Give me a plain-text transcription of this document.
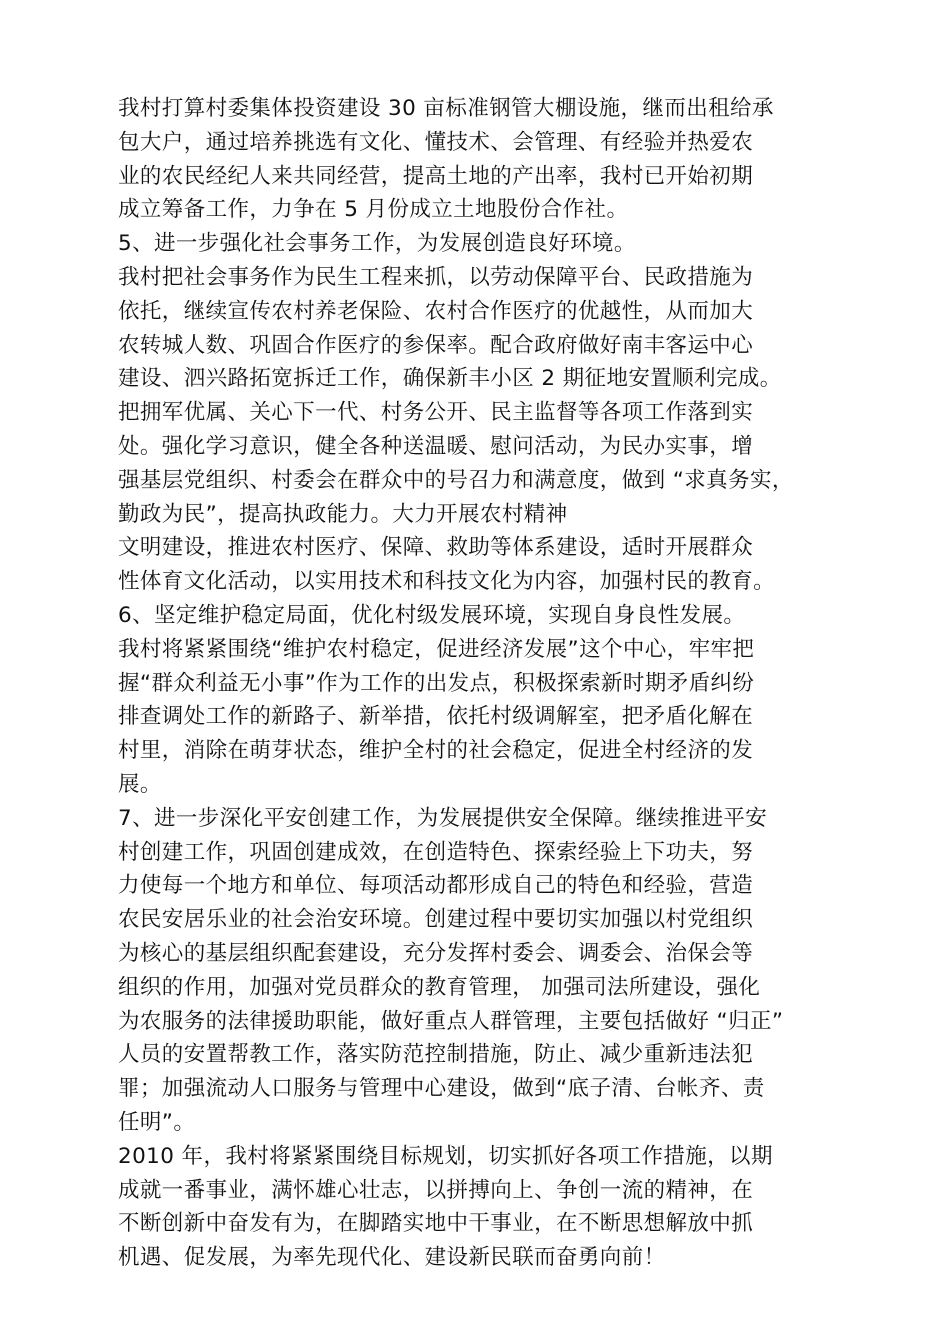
我村打算村委集体投资建设 30 亩标准钢管大棚设施，继而出租给承
包大户，通过培养挑选有文化、懂技术、会管理、有经验并热爱农
业的农民经纪人来共同经营，提高土地的产出率，我村已开始初期
成立筹备工作，力争在 5 月份成立土地股份合作社。
5、进一步强化社会事务工作，为发展创造良好环境。
我村把社会事务作为民生工程来抓，以劳动保障平台、民政措施为
依托，继续宣传农村养老保险、农村合作医疗的优越性，从而加大
农转城人数、巩固合作医疗的参保率。配合政府做好南丰客运中心
建设、泗兴路拓宽拆迁工作，确保新丰小区 2 期征地安置顺利完成。
把拥军优属、关心下一代、村务公开、民主监督等各项工作落到实
处。强化学习意识，健全各种送温暖、慰问活动，为民办实事，增
强基层党组织、村委会在群众中的号召力和满意度，做到 “求真务实，
勤政为民”，提高执政能力。大力开展农村精神
文明建设，推进农村医疗、保障、救助等体系建设，适时开展群众
性体育文化活动，以实用技术和科技文化为内容，加强村民的教育。
6、坚定维护稳定局面，优化村级发展环境，实现自身良性发展。
我村将紧紧围绕“维护农村稳定，促进经济发展”这个中心，牢牢把
握“群众利益无小事”作为工作的出发点，积极探索新时期矛盾纠纷
排查调处工作的新路子、新举措，依托村级调解室，把矛盾化解在
村里，消除在萌芽状态，维护全村的社会稳定，促进全村经济的发
展。
7、进一步深化平安创建工作，为发展提供安全保障。继续推进平安
村创建工作，巩固创建成效，在创造特色、探索经验上下功夫，努
力使每一个地方和单位、每项活动都形成自己的特色和经验，营造
农民安居乐业的社会治安环境。创建过程中要切实加强以村党组织
为核心的基层组织配套建设，充分发挥村委会、调委会、治保会等
组织的作用，加强对党员群众的教育管理， 加强司法所建设，强化
为农服务的法律援助职能，做好重点人群管理，主要包括做好 “归正”
人员的安置帮教工作，落实防范控制措施，防止、减少重新违法犯
罪；加强流动人口服务与管理中心建设，做到“底子清、台帐齐、责
任明”。
2010 年，我村将紧紧围绕目标规划，切实抓好各项工作措施，以期
成就一番事业，满怀雄心壮志，以拼搏向上、争创一流的精神，在
不断创新中奋发有为，在脚踏实地中干事业，在不断思想解放中抓
机遇、促发展，为率先现代化、建设新民联而奋勇向前！
